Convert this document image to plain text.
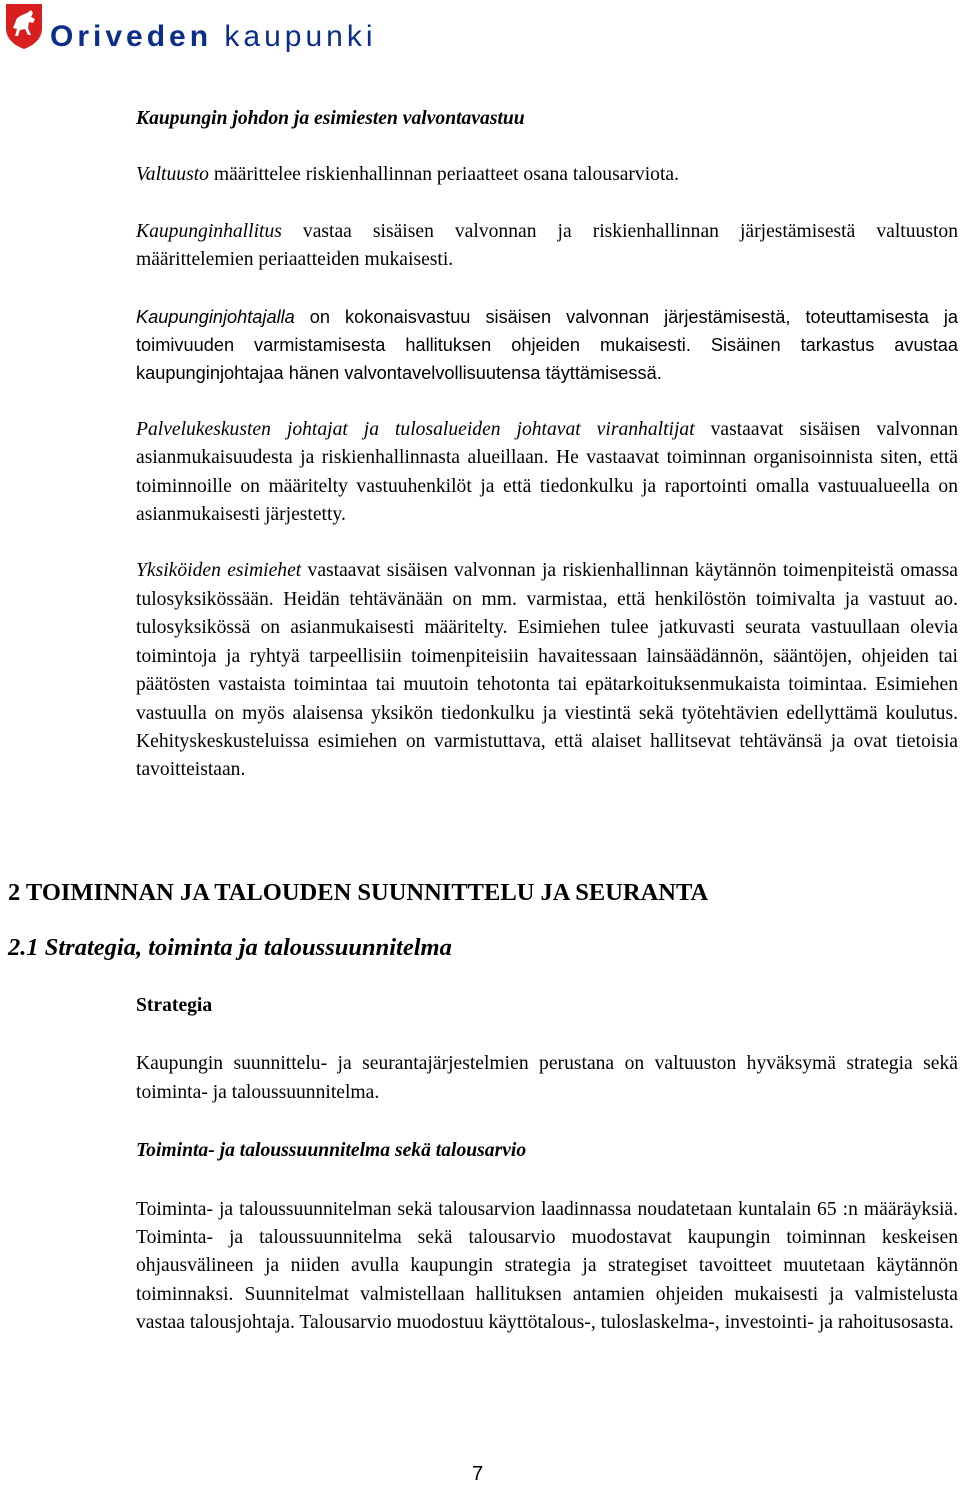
Oriveden kaupunki

Kaupungin johdon ja esimiesten valvontavastuu

Valtuusto määrittelee riskienhallinnan periaatteet osana talousarviota.

Kaupunginhallitus vastaa sisäisen valvonnan ja riskienhallinnan järjestämisestä valtuuston määrittelemien periaatteiden mukaisesti.

Kaupunginjohtajalla on kokonaisvastuu sisäisen valvonnan järjestämisestä, toteuttamisesta ja toimivuuden varmistamisesta hallituksen ohjeiden mukaisesti. Sisäinen tarkastus avustaa kaupunginjohtajaa hänen valvontavelvollisuutensa täyttämisessä.

Palvelukeskusten johtajat ja tulosalueiden johtavat viranhaltijat vastaavat sisäisen valvonnan asianmukaisuudesta ja riskienhallinnasta alueillaan. He vastaavat toiminnan organisoinnista siten, että toiminnoille on määritelty vastuuhenkilöt ja että tiedonkulku ja raportointi omalla vastuualueella on asianmukaisesti järjestetty.

Yksiköiden esimiehet vastaavat sisäisen valvonnan ja riskienhallinnan käytännön toimenpiteistä omassa tulosyksikössään. Heidän tehtävänään on mm. varmistaa, että henkilöstön toimivalta ja vastuut ao. tulosyksikössä on asianmukaisesti määritelty. Esimiehen tulee jatkuvasti seurata vastuullaan olevia toimintoja ja ryhtyä tarpeellisiin toimenpiteisiin havaitessaan lainsäädännön, sääntöjen, ohjeiden tai päätösten vastaista toimintaa tai muutoin tehotonta tai epätarkoituksenmukaista toimintaa. Esimiehen vastuulla on myös alaisensa yksikön tiedonkulku ja viestintä sekä työtehtävien edellyttämä koulutus. Kehityskeskusteluissa esimiehen on varmistuttava, että alaiset hallitsevat tehtävänsä ja ovat tietoisia tavoitteistaan.

2 TOIMINNAN JA TALOUDEN SUUNNITTELU JA SEURANTA
2.1 Strategia, toiminta ja taloussuunnitelma

Strategia

Kaupungin suunnittelu- ja seurantajärjestelmien perustana on valtuuston hyväksymä strategia sekä toiminta- ja taloussuunnitelma.

Toiminta- ja taloussuunnitelma sekä talousarvio

Toiminta- ja taloussuunnitelman sekä talousarvion laadinnassa noudatetaan kuntalain 65 :n määräyksiä. Toiminta- ja taloussuunnitelma sekä talousarvio muodostavat kaupungin toiminnan keskeisen ohjausvälineen ja niiden avulla kaupungin strategia ja strategiset tavoitteet muutetaan käytännön toiminnaksi. Suunnitelmat valmistellaan hallituksen antamien ohjeiden mukaisesti ja valmistelusta vastaa talousjohtaja. Talousarvio muodostuu käyttötalous-, tuloslaskelma-, investointi- ja rahoitusosasta.

7
